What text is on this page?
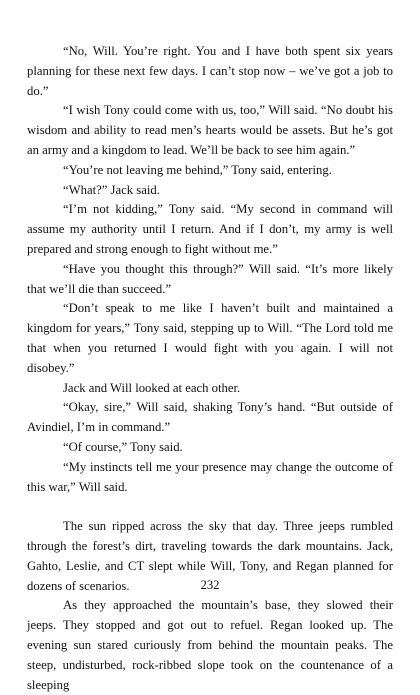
“No, Will. You’re right. You and I have both spent six years planning for these next few days. I can’t stop now – we’ve got a job to do.”

“I wish Tony could come with us, too,” Will said. “No doubt his wisdom and ability to read men’s hearts would be assets. But he’s got an army and a kingdom to lead. We’ll be back to see him again.”

“You’re not leaving me behind,” Tony said, entering.

“What?” Jack said.

“I’m not kidding,” Tony said. “My second in command will assume my authority until I return. And if I don’t, my army is well prepared and strong enough to fight without me.”

“Have you thought this through?” Will said. “It’s more likely that we’ll die than succeed.”

“Don’t speak to me like I haven’t built and maintained a kingdom for years,” Tony said, stepping up to Will. “The Lord told me that when you returned I would fight with you again. I will not disobey.”

Jack and Will looked at each other.

“Okay, sire,” Will said, shaking Tony’s hand. “But outside of Avindiel, I’m in command.”

“Of course,” Tony said.

“My instincts tell me your presence may change the outcome of this war,” Will said.

The sun ripped across the sky that day. Three jeeps rumbled through the forest’s dirt, traveling towards the dark mountains. Jack, Gahto, Leslie, and CT slept while Will, Tony, and Regan planned for dozens of scenarios.

As they approached the mountain’s base, they slowed their jeeps. They stopped and got out to refuel. Regan looked up. The evening sun stared curiously from behind the mountain peaks. The steep, undisturbed, rock-ribbed slope took on the countenance of a sleeping

232
